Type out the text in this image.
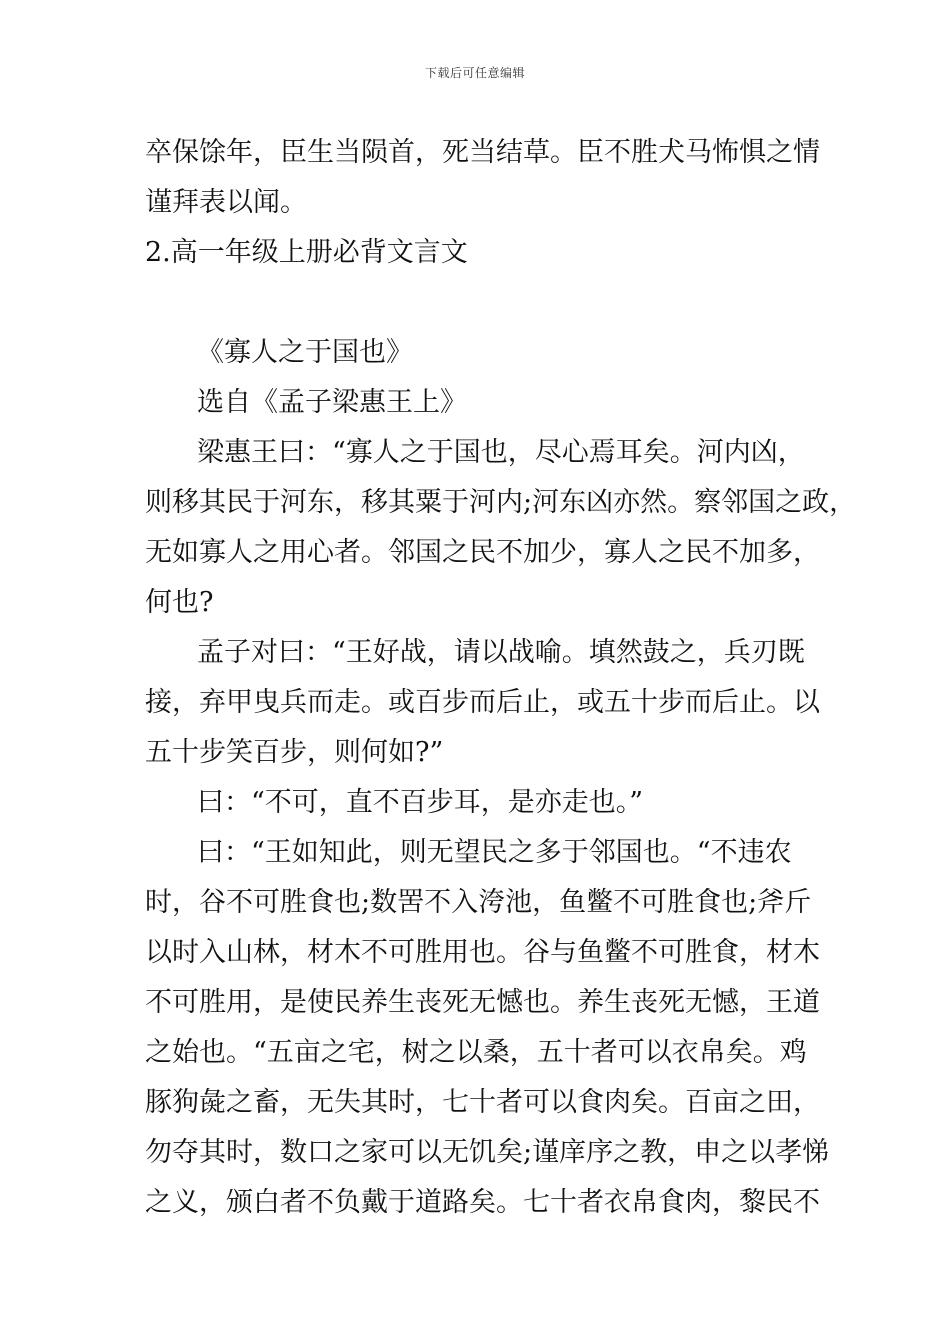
下载后可任意编辑
卒保馀年，臣生当陨首，死当结草。臣不胜犬马怖惧之情
谨拜表以闻。
2.高一年级上册必背文言文
《寡人之于国也》
选自《孟子梁惠王上》
梁惠王曰：“寡人之于国也，尽心焉耳矣。河内凶，
则移其民于河东，移其粟于河内;河东凶亦然。察邻国之政，
无如寡人之用心者。邻国之民不加少，寡人之民不加多，
何也?
孟子对曰：“王好战，请以战喻。填然鼓之，兵刃既
接，弃甲曳兵而走。或百步而后止，或五十步而后止。以
五十步笑百步，则何如?”
曰：“不可，直不百步耳，是亦走也。”
曰：“王如知此，则无望民之多于邻国也。“不违农
时，谷不可胜食也;数罟不入洿池，鱼鳖不可胜食也;斧斤
以时入山林，材木不可胜用也。谷与鱼鳖不可胜食，材木
不可胜用，是使民养生丧死无憾也。养生丧死无憾，王道
之始也。“五亩之宅，树之以桑，五十者可以衣帛矣。鸡
豚狗彘之畜，无失其时，七十者可以食肉矣。百亩之田，
勿夺其时，数口之家可以无饥矣;谨庠序之教，申之以孝悌
之义，颁白者不负戴于道路矣。七十者衣帛食肉，黎民不
